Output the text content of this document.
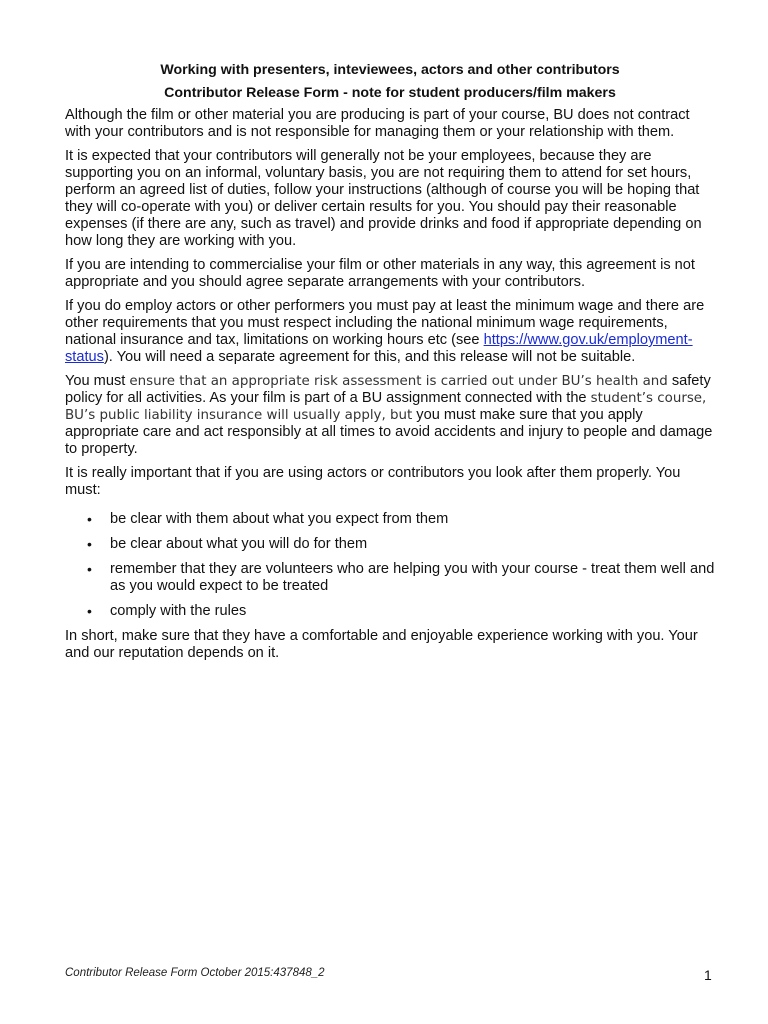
Working with presenters, inteviewees, actors and other contributors
Contributor Release Form - note for student producers/film makers

Although the film or other material you are producing is part of your course, BU does not contract with your contributors and is not responsible for managing them or your relationship with them.

It is expected that your contributors will generally not be your employees, because they are supporting you on an informal, voluntary basis, you are not requiring them to attend for set hours, perform an agreed list of duties, follow your instructions (although of course you will be hoping that they will co-operate with you) or deliver certain results for you. You should pay their reasonable expenses (if there are any, such as travel) and provide drinks and food if appropriate depending on how long they are working with you.

If you are intending to commercialise your film or other materials in any way, this agreement is not appropriate and you should agree separate arrangements with your contributors.

If you do employ actors or other performers you must pay at least the minimum wage and there are other requirements that you must respect including the national minimum wage requirements, national insurance and tax, limitations on working hours etc (see https://www.gov.uk/employment-status). You will need a separate agreement for this, and this release will not be suitable.

You must ensure that an appropriate risk assessment is carried out under BU’s health and safety policy for all activities. As your film is part of a BU assignment connected with the student’s course, BU’s public liability insurance will usually apply, but you must make sure that you apply appropriate care and act responsibly at all times to avoid accidents and injury to people and damage to property.

It is really important that if you are using actors or contributors you look after them properly. You must:

• be clear with them about what you expect from them
• be clear about what you will do for them
• remember that they are volunteers who are helping you with your course - treat them well and as you would expect to be treated
• comply with the rules

In short, make sure that they have a comfortable and enjoyable experience working with you. Your and our reputation depends on it.

Contributor Release Form October 2015:437848_2	1
